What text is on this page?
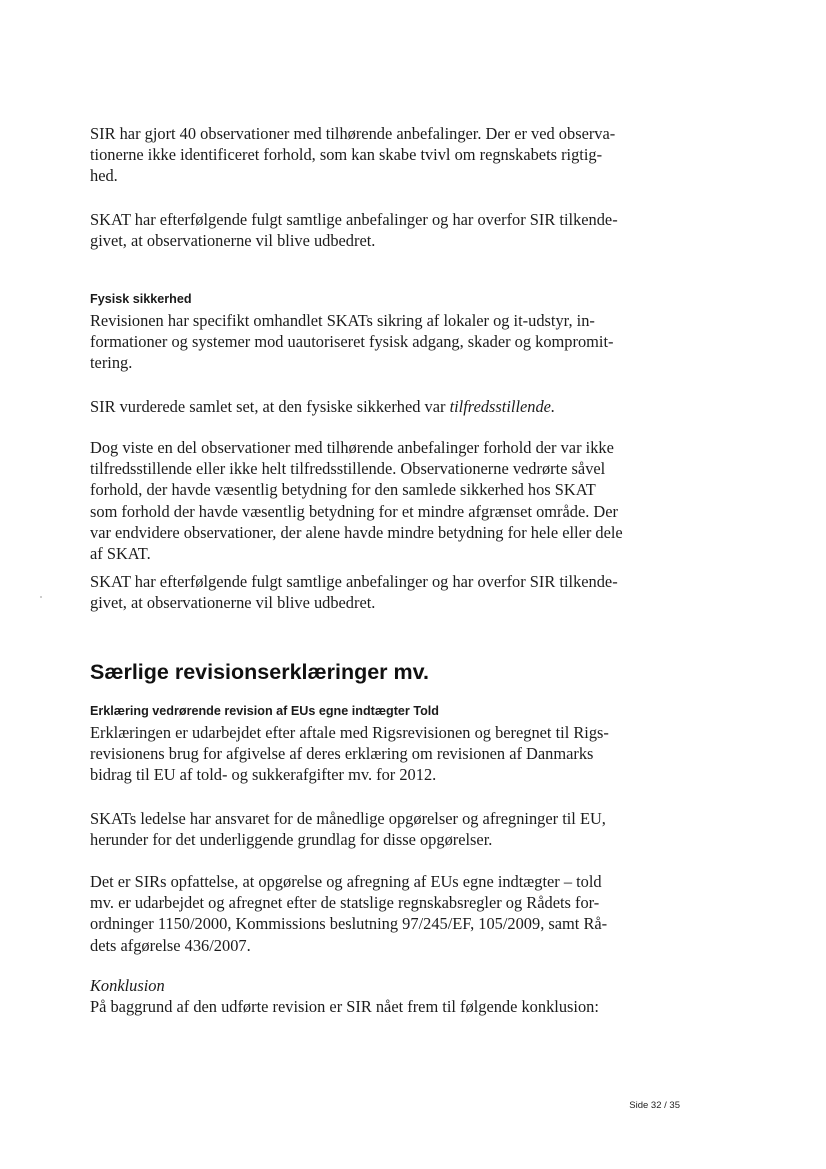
SIR har gjort 40 observationer med tilhørende anbefalinger. Der er ved observa-
tionerne ikke identificeret forhold, som kan skabe tvivl om regnskabets rigtig-
hed.

SKAT har efterfølgende fulgt samtlige anbefalinger og har overfor SIR tilkende-
givet, at observationerne vil blive udbedret.

Fysisk sikkerhed

Revisionen har specifikt omhandlet SKATs sikring af lokaler og it-udstyr, in-
formationer og systemer mod uautoriseret fysisk adgang, skader og kompromit-
tering.

SIR vurderede samlet set, at den fysiske sikkerhed var tilfredsstillende.

Dog viste en del observationer med tilhørende anbefalinger forhold der var ikke
tilfredsstillende eller ikke helt tilfredsstillende. Observationerne vedrørte såvel
forhold, der havde væsentlig betydning for den samlede sikkerhed hos SKAT
som forhold der havde væsentlig betydning for et mindre afgrænset område. Der
var endvidere observationer, der alene havde mindre betydning for hele eller dele
af SKAT.

SKAT har efterfølgende fulgt samtlige anbefalinger og har overfor SIR tilkende-
givet, at observationerne vil blive udbedret.

Særlige revisionserklæringer mv.

Erklæring vedrørende revision af EUs egne indtægter Told

Erklæringen er udarbejdet efter aftale med Rigsrevisionen og beregnet til Rigs-
revisionens brug for afgivelse af deres erklæring om revisionen af Danmarks
bidrag til EU af told- og sukkerafgifter mv. for 2012.

SKATs ledelse har ansvaret for de månedlige opgørelser og afregninger til EU,
herunder for det underliggende grundlag for disse opgørelser.

Det er SIRs opfattelse, at opgørelse og afregning af EUs egne indtægter – told
mv. er udarbejdet og afregnet efter de statslige regnskabsregler og Rådets for-
ordninger 1150/2000, Kommissions beslutning 97/245/EF, 105/2009, samt Rå-
dets afgørelse 436/2007.

Konklusion

På baggrund af den udførte revision er SIR nået frem til følgende konklusion:

Side 32 / 35
